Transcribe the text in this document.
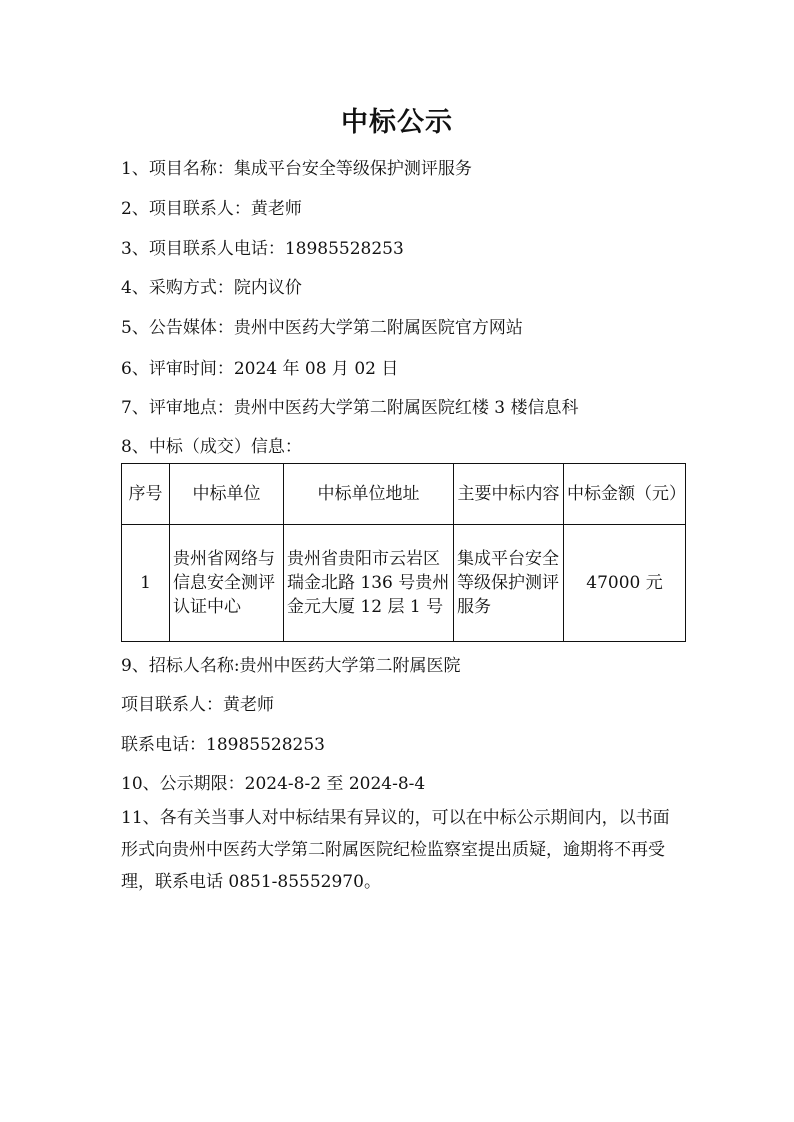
中标公示
1、项目名称：集成平台安全等级保护测评服务
2、项目联系人：黄老师
3、项目联系人电话：18985528253
4、采购方式：院内议价
5、公告媒体：贵州中医药大学第二附属医院官方网站
6、评审时间：2024 年 08 月 02 日
7、评审地点：贵州中医药大学第二附属医院红楼 3 楼信息科
8、中标（成交）信息：
序号	中标单位	中标单位地址	主要中标内容	中标金额（元）
1	贵州省网络与信息安全测评认证中心	贵州省贵阳市云岩区瑞金北路 136 号贵州金元大厦 12 层 1 号	集成平台安全等级保护测评服务	47000 元
9、招标人名称:贵州中医药大学第二附属医院
项目联系人：黄老师
联系电话：18985528253
10、公示期限：2024-8-2 至 2024-8-4
11、各有关当事人对中标结果有异议的，可以在中标公示期间内，以书面形式向贵州中医药大学第二附属医院纪检监察室提出质疑，逾期将不再受理，联系电话 0851-85552970。
